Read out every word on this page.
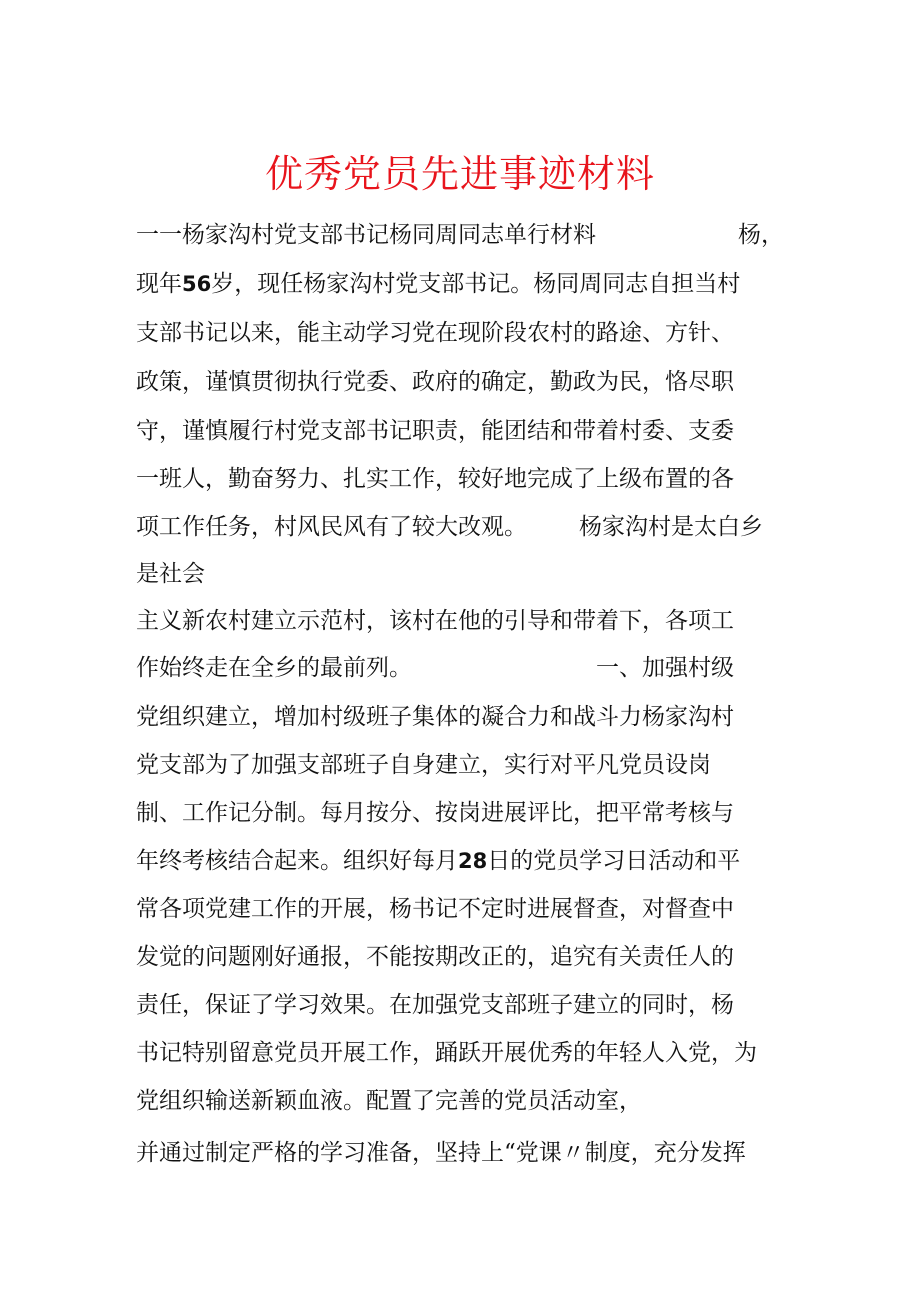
优秀党员先进事迹材料
一一杨家沟村党支部书记杨同周同志单行材料	杨，
现年56岁，现任杨家沟村党支部书记。杨同周同志自担当村
支部书记以来，能主动学习党在现阶段农村的路途、方针、
政策，谨慎贯彻执行党委、政府的确定，勤政为民，恪尽职
守，谨慎履行村党支部书记职责，能团结和带着村委、支委
一班人，勤奋努力、扎实工作，较好地完成了上级布置的各
项工作任务，村风民风有了较大改观。 杨家沟村是太白乡
是社会
主义新农村建立示范村，该村在他的引导和带着下，各项工
作始终走在全乡的最前列。	一、加强村级
党组织建立，增加村级班子集体的凝合力和战斗力杨家沟村
党支部为了加强支部班子自身建立，实行对平凡党员设岗
制、工作记分制。每月按分、按岗进展评比，把平常考核与
年终考核结合起来。组织好每月28日的党员学习日活动和平
常各项党建工作的开展，杨书记不定时进展督查，对督查中
发觉的问题刚好通报，不能按期改正的，追究有关责任人的
责任，保证了学习效果。在加强党支部班子建立的同时，杨
书记特别留意党员开展工作，踊跃开展优秀的年轻人入党，为
党组织输送新颖血液。配置了完善的党员活动室，
并通过制定严格的学习准备，坚持上“党课〃制度，充分发挥
